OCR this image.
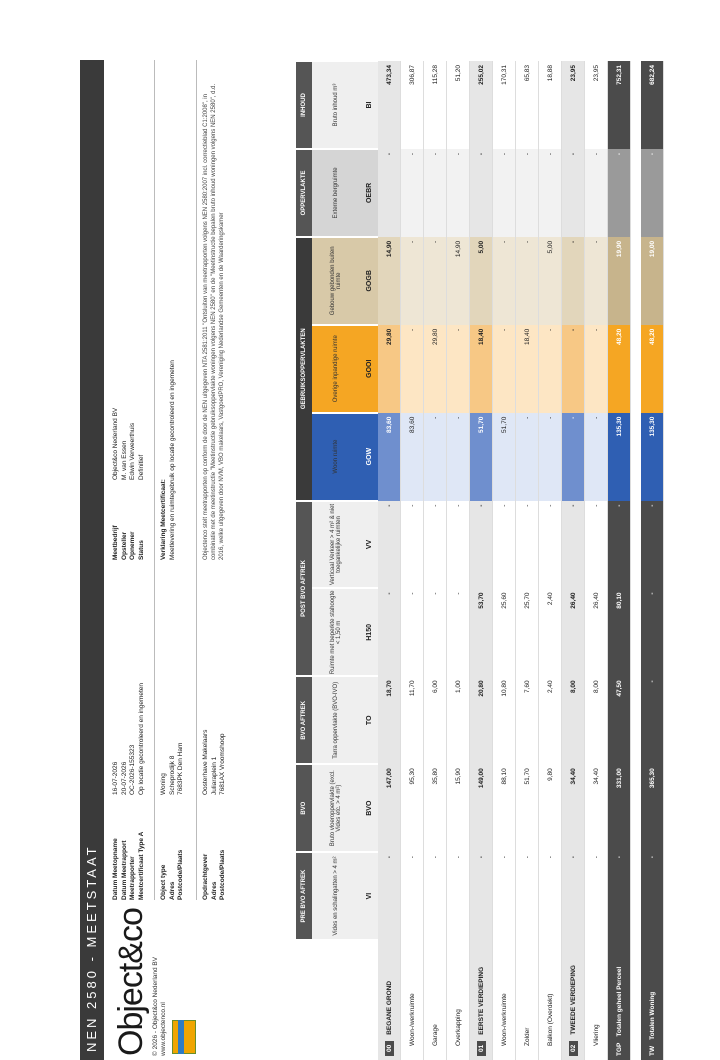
NEN 2580 - MEETSTAAT Object&co
© 2026 - Object&co Nederland BV www.objectenco.nl
Datum Meetopname
16-07-2026
Datum Meetrapport
20-07-2026
Meetrapporter
OC-2026-155323
Meetcertificaat Type A
Op locatie gecontroleerd en ingemeten
Meetbedrijf
Object&co Nederland BV
Opsteller
M. van Essen
Opnemer
Edwin Verweerthuis
Status
Definitief
Object type
Woning
Adres
Scheprodijk 8
Postcode/Plaats
7683PK Den Ham
Verklaring Meetcertificaat: Meetlevering en ruimtegebruik op locatie gecontroleerd en ingemeten
Opdrachtgever
Oosterhave Makelaars
Adres
Juliaraplein 1
Postcode/Plaats
7681AX Vroomshoop
Objectenco stelt meetrapporten op conform de door de NEN uitgegeven NTA 2581:2011 "Ontsluiten van meetrapporten volgens NEN 2580:2007 incl. correctieblad C1:2008", in combinatie met de meetinstructie "Meetinstructie gebruiksoppervlakte woningen volgens NEN 2580" en de "Meetinstructie bepalen bruto inhoud woningen volgens NEN 2580", d.d. 2016, welke uitgegeven door NVM, VBO makelaars, VastgoedPRO, Vereniging Nederlandse Gemeenten en de Waarderingskamer
	PRE BVO AFTREK	BVO	BVO AFTREK	POST BVO AFTREK		GEBRUIKSOPPERVLAKTEN			OPPERVLAKTE	INHOUD
	Vides en schalingatten > 4 m²	Bruto vloeroppervlakte (excl. Vides etc. > 4 m²)	Tarra oppervlakte (BVO-IVO)	Ruimte met beperkte stahoogte < 1,50 m	Verticaal Verkeer > 4 m² & niet toegankelijke ruimten	Woon ruimte	Overige inpandige ruimte	Gebouw gebonden buiten ruimte	Externe bergruimte	Bruto inhoud m³
	VI	BVO	TO	H150	VV	GOW	GOOI	GOGB	OEBR	BI
00BEGANE GROND	-	147,00	18,70	-	-	83,60	29,80	14,90	-	473,34
Woon-/werkruimte	-	95,30	11,70	-	-	83,60	-	-	-	306,87
Garage	-	35,80	6,00	-	-	-	29,80	-	-	115,28
Overkapping	-	15,90	1,00	-	-	-	-	14,90	-	51,20
01EERSTE VERDIEPING	-	149,00	20,80	53,70	-	51,70	18,40	5,00	-	255,02
Woon-/werkruimte	-	88,10	10,80	25,60	-	51,70	-	-	-	170,31
Zolder	-	51,70	7,60	25,70	-	-	18,40	-	-	65,83
Balkon (Overdekt)	-	9,80	2,40	2,40	-	-	-	5,00	-	18,88
02TWEEDE VERDIEPING	-	34,40	8,00	26,40	-	-	-	-	-	23,95
Vliering	-	34,40	8,00	26,40	-	-	-	-	-	23,95
TGPTotalen geheel Perceel	-	331,00	47,50	80,10	-	135,30	48,20	19,90	-	752,31

TWTotalen Woning	-	365,30	-	-	-	135,30	48,20	19,00	-	682,24
